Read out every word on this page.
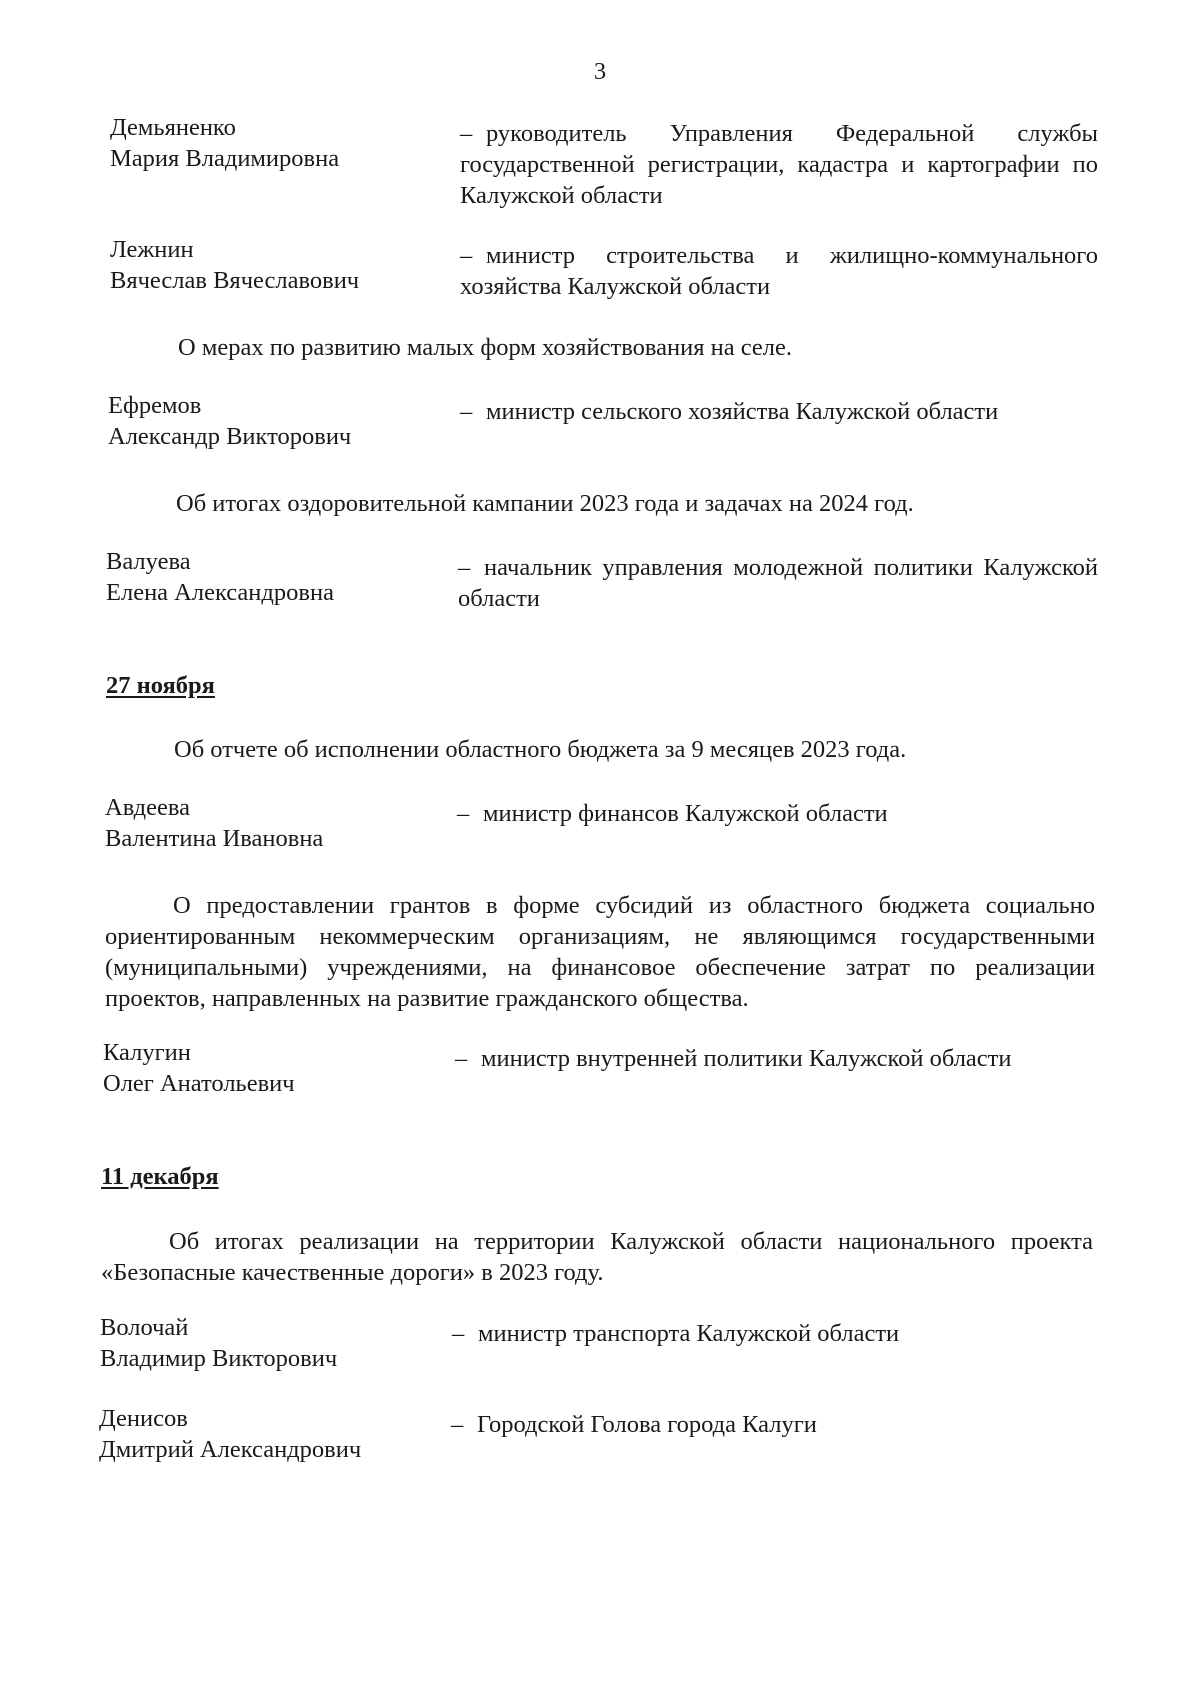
3
Демьяненко
Мария Владимировна
– руководитель Управления Федеральной службы государственной регистрации, кадастра и картографии по Калужской области
Лежнин
Вячеслав Вячеславович
– министр строительства и жилищно-коммунального хозяйства Калужской области
О мерах по развитию малых форм хозяйствования на селе.
Ефремов
Александр Викторович
– министр сельского хозяйства Калужской области
Об итогах оздоровительной кампании 2023 года и задачах на 2024 год.
Валуева
Елена Александровна
– начальник управления молодежной политики Калужской области
27 ноября
Об отчете об исполнении областного бюджета за 9 месяцев 2023 года.
Авдеева
Валентина Ивановна
– министр финансов Калужской области
О предоставлении грантов в форме субсидий из областного бюджета социально ориентированным некоммерческим организациям, не являющимся государственными (муниципальными) учреждениями, на финансовое обеспечение затрат по реализации проектов, направленных на развитие гражданского общества.
Калугин
Олег Анатольевич
– министр внутренней политики Калужской области
11 декабря
Об итогах реализации на территории Калужской области национального проекта «Безопасные качественные дороги» в 2023 году.
Волочай
Владимир Викторович
– министр транспорта Калужской области
Денисов
Дмитрий Александрович
– Городской Голова города Калуги
